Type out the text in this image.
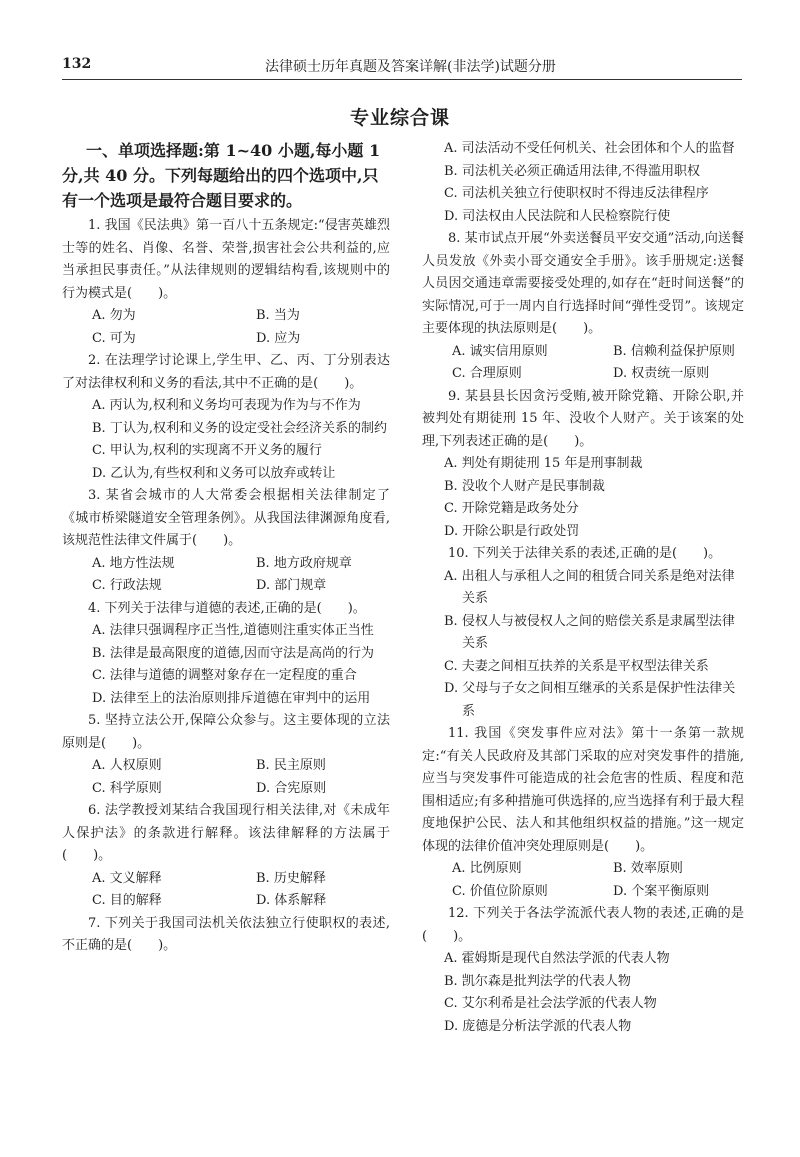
132	法律硕士历年真题及答案详解(非法学)试题分册
专业综合课
一、单项选择题:第 1~40 小题,每小题 1 分,共 40 分。下列每题给出的四个选项中,只有一个选项是最符合题目要求的。
1. 我国《民法典》第一百八十五条规定:“侵害英雄烈士等的姓名、肖像、名誉、荣誉,损害社会公共利益的,应当承担民事责任。”从法律规则的逻辑结构看,该规则中的行为模式是(　　)。
A. 勿为	B. 当为
C. 可为	D. 应为
2. 在法理学讨论课上,学生甲、乙、丙、丁分别表达了对法律权利和义务的看法,其中不正确的是(　　)。
A. 丙认为,权利和义务均可表现为作为与不作为
B. 丁认为,权利和义务的设定受社会经济关系的制约
C. 甲认为,权利的实现离不开义务的履行
D. 乙认为,有些权利和义务可以放弃或转让
3. 某省会城市的人大常委会根据相关法律制定了《城市桥梁隧道安全管理条例》。从我国法律渊源角度看,该规范性法律文件属于(　　)。
A. 地方性法规	B. 地方政府规章
C. 行政法规	D. 部门规章
4. 下列关于法律与道德的表述,正确的是(　　)。
A. 法律只强调程序正当性,道德则注重实体正当性
B. 法律是最高限度的道德,因而守法是高尚的行为
C. 法律与道德的调整对象存在一定程度的重合
D. 法律至上的法治原则排斥道德在审判中的运用
5. 坚持立法公开,保障公众参与。这主要体现的立法原则是(　　)。
A. 人权原则	B. 民主原则
C. 科学原则	D. 合宪原则
6. 法学教授刘某结合我国现行相关法律,对《未成年人保护法》的条款进行解释。该法律解释的方法属于(　　)。
A. 文义解释	B. 历史解释
C. 目的解释	D. 体系解释
7. 下列关于我国司法机关依法独立行使职权的表述,不正确的是(　　)。
A. 司法活动不受任何机关、社会团体和个人的监督
B. 司法机关必须正确适用法律,不得滥用职权
C. 司法机关独立行使职权时不得违反法律程序
D. 司法权由人民法院和人民检察院行使
8. 某市试点开展“外卖送餐员平安交通”活动,向送餐人员发放《外卖小哥交通安全手册》。该手册规定:送餐人员因交通违章需要接受处理的,如存在“赶时间送餐”的实际情况,可于一周内自行选择时间“弹性受罚”。该规定主要体现的执法原则是(　　)。
A. 诚实信用原则	B. 信赖利益保护原则
C. 合理原则	D. 权责统一原则
9. 某县县长因贪污受贿,被开除党籍、开除公职,并被判处有期徒刑 15 年、没收个人财产。关于该案的处理,下列表述正确的是(　　)。
A. 判处有期徒刑 15 年是刑事制裁
B. 没收个人财产是民事制裁
C. 开除党籍是政务处分
D. 开除公职是行政处罚
10. 下列关于法律关系的表述,正确的是(　　)。
A. 出租人与承租人之间的租赁合同关系是绝对法律关系
B. 侵权人与被侵权人之间的赔偿关系是隶属型法律关系
C. 夫妻之间相互扶养的关系是平权型法律关系
D. 父母与子女之间相互继承的关系是保护性法律关系
11. 我国《突发事件应对法》第十一条第一款规定:“有关人民政府及其部门采取的应对突发事件的措施,应当与突发事件可能造成的社会危害的性质、程度和范围相适应;有多种措施可供选择的,应当选择有利于最大程度地保护公民、法人和其他组织权益的措施。”这一规定体现的法律价值冲突处理原则是(　　)。
A. 比例原则	B. 效率原则
C. 价值位阶原则	D. 个案平衡原则
12. 下列关于各法学流派代表人物的表述,正确的是(　　)。
A. 霍姆斯是现代自然法学派的代表人物
B. 凯尔森是批判法学的代表人物
C. 艾尔利希是社会法学派的代表人物
D. 庞德是分析法学派的代表人物
